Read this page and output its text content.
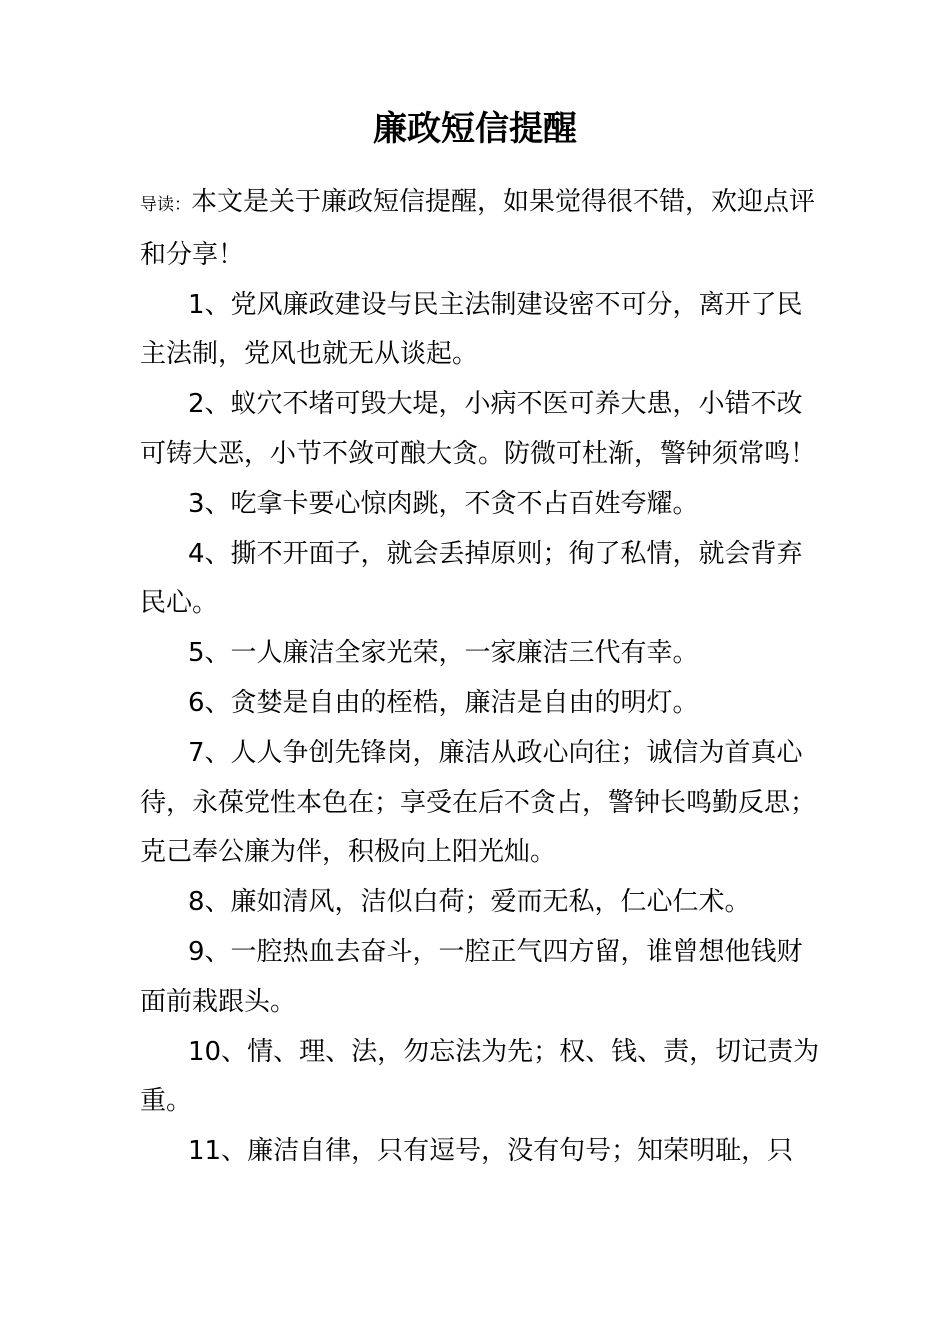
廉政短信提醒

导读：本文是关于廉政短信提醒，如果觉得很不错，欢迎点评和分享！

1、党风廉政建设与民主法制建设密不可分，离开了民主法制，党风也就无从谈起。

2、蚁穴不堵可毁大堤，小病不医可养大患，小错不改可铸大恶，小节不敛可酿大贪。防微可杜渐，警钟须常鸣！

3、吃拿卡要心惊肉跳，不贪不占百姓夸耀。

4、撕不开面子，就会丢掉原则；徇了私情，就会背弃民心。

5、一人廉洁全家光荣，一家廉洁三代有幸。

6、贪婪是自由的桎梏，廉洁是自由的明灯。

7、人人争创先锋岗，廉洁从政心向往；诚信为首真心待，永葆党性本色在；享受在后不贪占，警钟长鸣勤反思；克己奉公廉为伴，积极向上阳光灿。

8、廉如清风，洁似白荷；爱而无私，仁心仁术。

9、一腔热血去奋斗，一腔正气四方留，谁曾想他钱财面前栽跟头。

10、情、理、法，勿忘法为先；权、钱、责，切记责为重。

11、廉洁自律，只有逗号，没有句号；知荣明耻，只
